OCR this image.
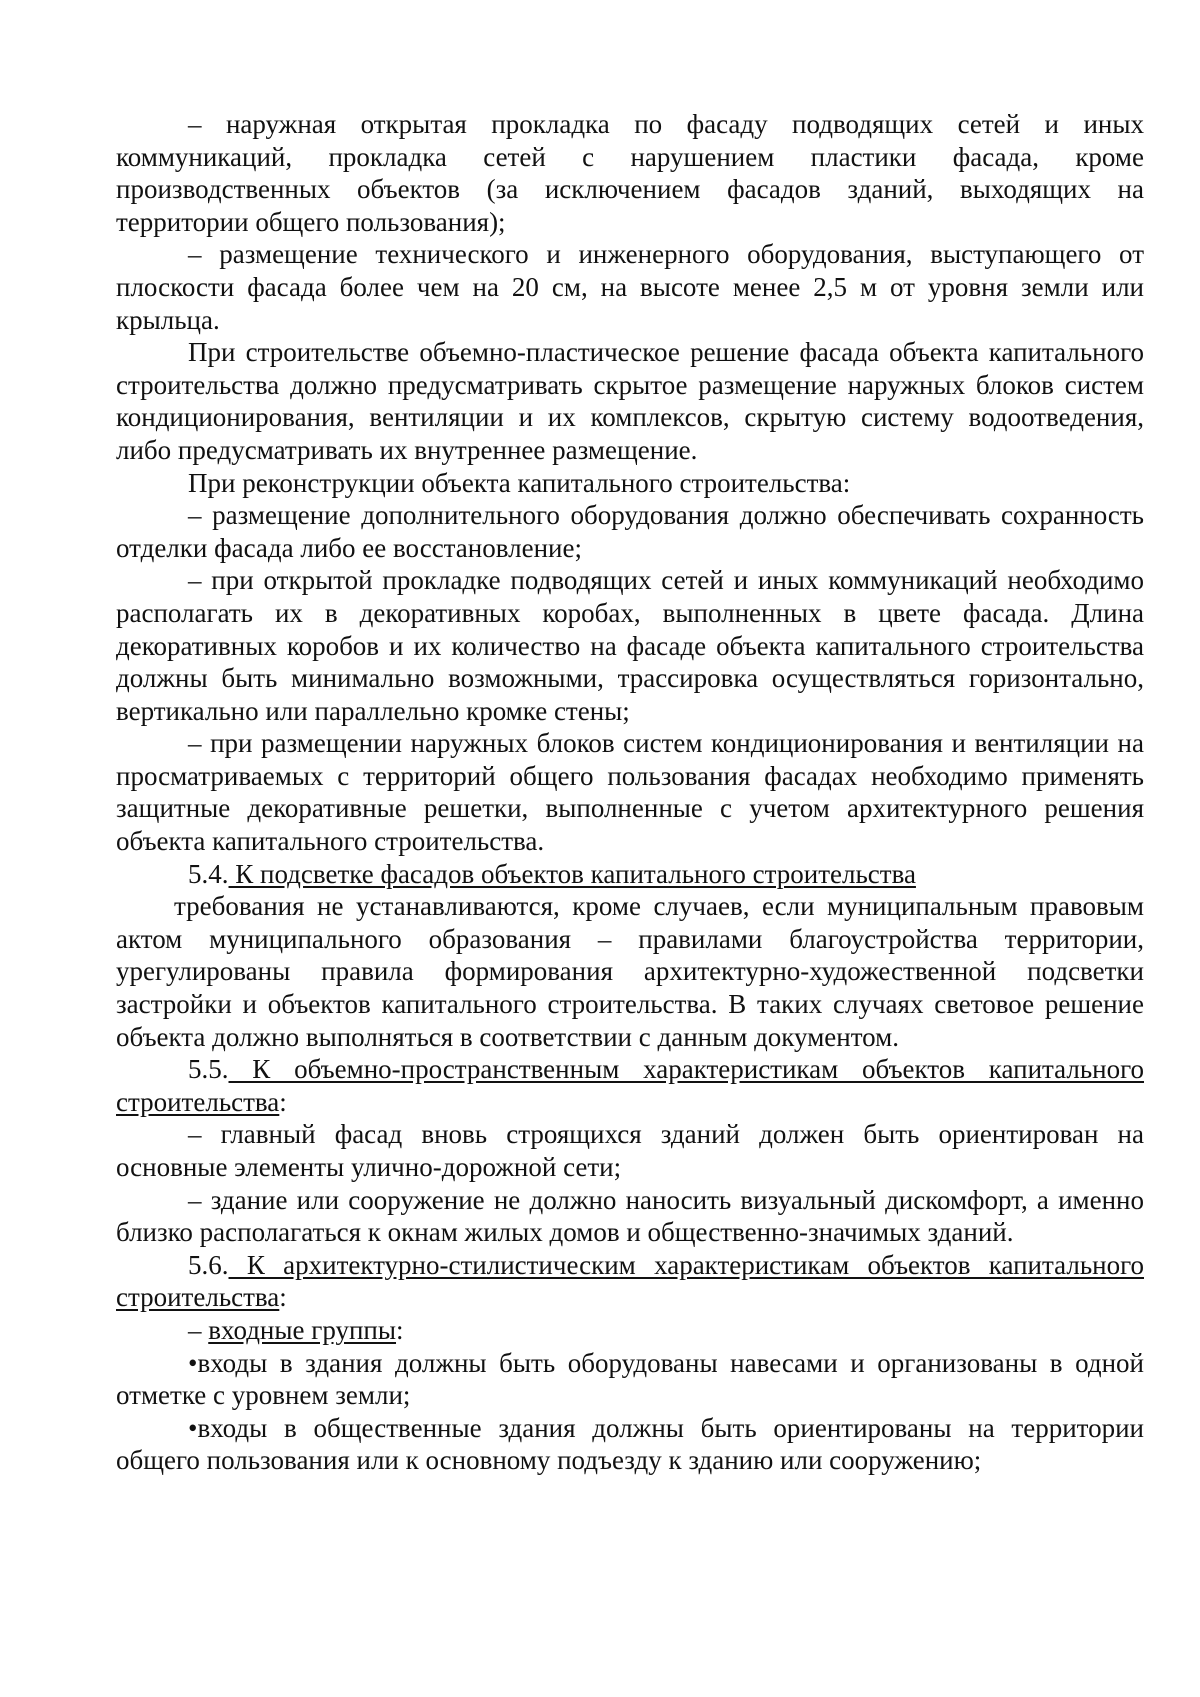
– наружная открытая прокладка по фасаду подводящих сетей и иных коммуникаций, прокладка сетей с нарушением пластики фасада, кроме производственных объектов (за исключением фасадов зданий, выходящих на территории общего пользования);

– размещение технического и инженерного оборудования, выступающего от плоскости фасада более чем на 20 см, на высоте менее 2,5 м от уровня земли или крыльца.

При строительстве объемно-пластическое решение фасада объекта капитального строительства должно предусматривать скрытое размещение наружных блоков систем кондиционирования, вентиляции и их комплексов, скрытую систему водоотведения, либо предусматривать их внутреннее размещение.

При реконструкции объекта капитального строительства:

– размещение дополнительного оборудования должно обеспечивать сохранность отделки фасада либо ее восстановление;

– при открытой прокладке подводящих сетей и иных коммуникаций необходимо располагать их в декоративных коробах, выполненных в цвете фасада. Длина декоративных коробов и их количество на фасаде объекта капитального строительства должны быть минимально возможными, трассировка осуществляться горизонтально, вертикально или параллельно кромке стены;

– при размещении наружных блоков систем кондиционирования и вентиляции на просматриваемых с территорий общего пользования фасадах необходимо применять защитные декоративные решетки, выполненные с учетом архитектурного решения объекта капитального строительства.

5.4. К подсветке фасадов объектов капитального строительства
требования не устанавливаются, кроме случаев, если муниципальным правовым актом муниципального образования – правилами благоустройства территории, урегулированы правила формирования архитектурно-художественной подсветки застройки и объектов капитального строительства. В таких случаях световое решение объекта должно выполняться в соответствии с данным документом.

5.5. К объемно-пространственным характеристикам объектов капитального строительства:

– главный фасад вновь строящихся зданий должен быть ориентирован на основные элементы улично-дорожной сети;

– здание или сооружение не должно наносить визуальный дискомфорт, а именно близко располагаться к окнам жилых домов и общественно-значимых зданий.

5.6. К архитектурно-стилистическим характеристикам объектов капитального строительства:

– входные группы:

•входы в здания должны быть оборудованы навесами и организованы в одной отметке с уровнем земли;

•входы в общественные здания должны быть ориентированы на территории общего пользования или к основному подъезду к зданию или сооружению;
